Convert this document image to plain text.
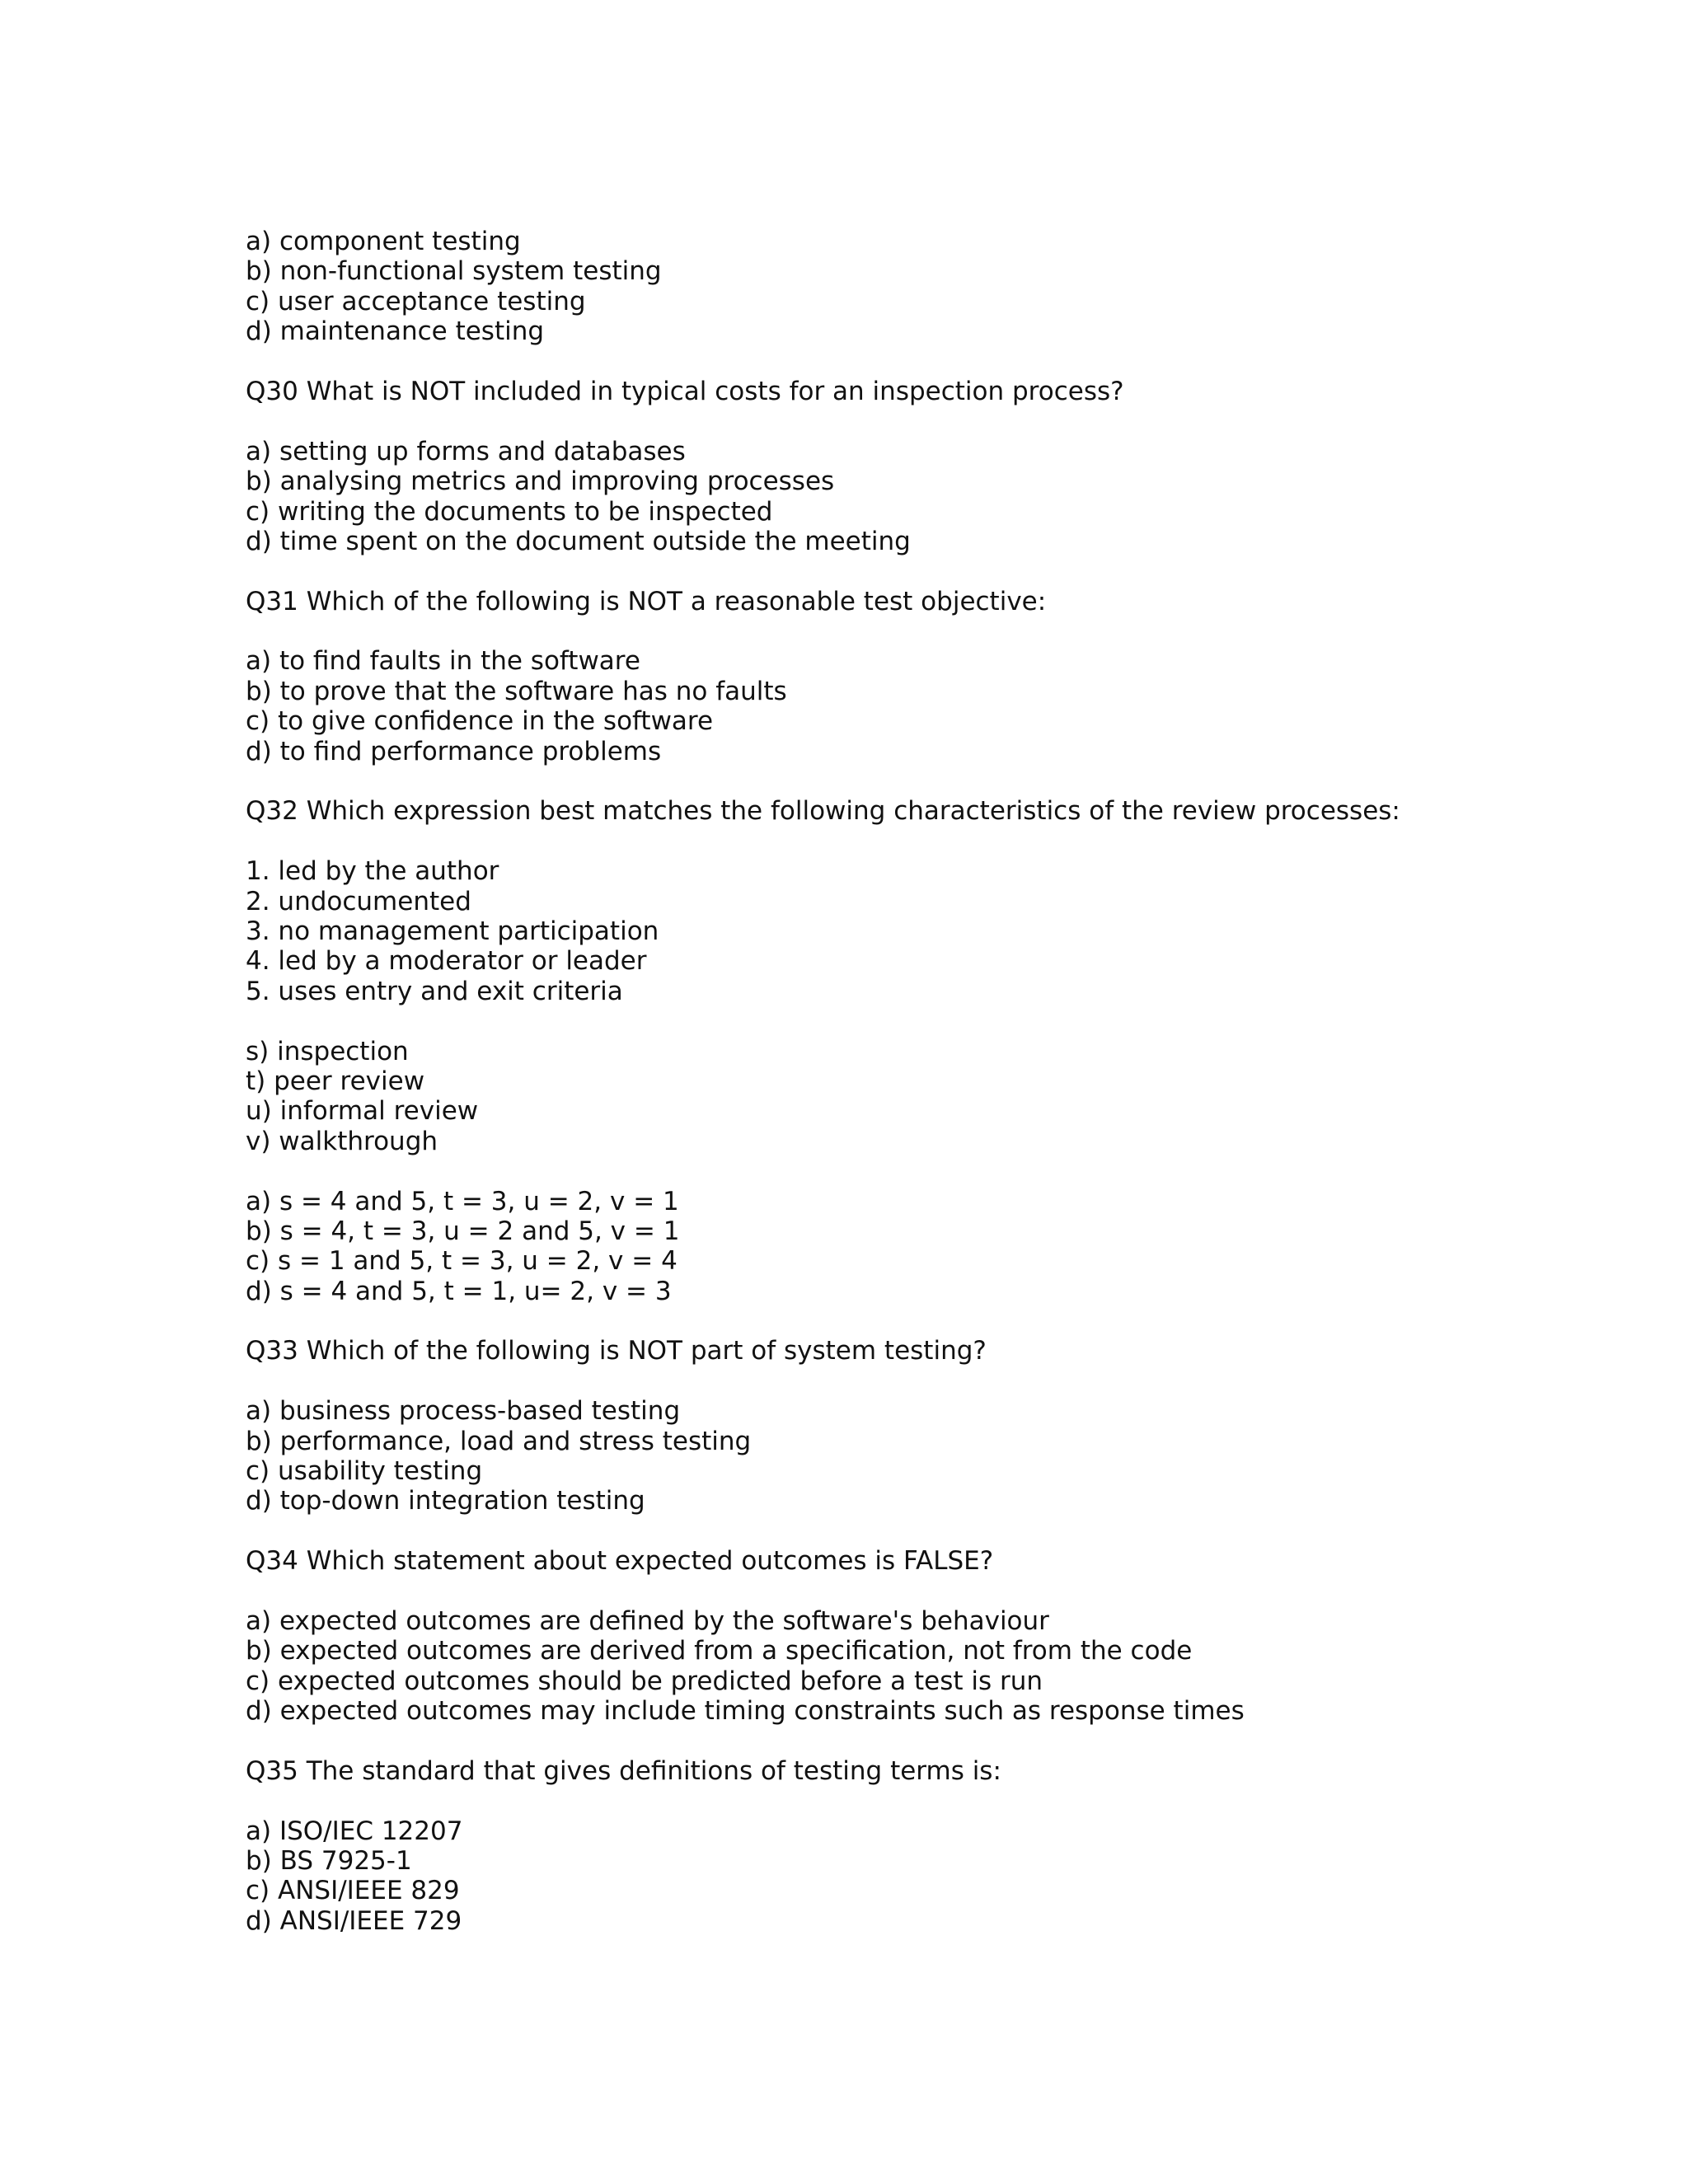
a) component testing
b) non-functional system testing
c) user acceptance testing
d) maintenance testing
Q30 What is NOT included in typical costs for an inspection process?
a) setting up forms and databases
b) analysing metrics and improving processes
c) writing the documents to be inspected
d) time spent on the document outside the meeting
Q31 Which of the following is NOT a reasonable test objective:
a) to find faults in the software
b) to prove that the software has no faults
c) to give confidence in the software
d) to find performance problems
Q32 Which expression best matches the following characteristics of the review processes:
1. led by the author
2. undocumented
3. no management participation
4. led by a moderator or leader
5. uses entry and exit criteria
s) inspection
t) peer review
u) informal review
v) walkthrough
a) s = 4 and 5, t = 3, u = 2, v = 1
b) s = 4, t = 3, u = 2 and 5, v = 1
c) s = 1 and 5, t = 3, u = 2, v = 4
d) s = 4 and 5, t = 1, u= 2, v = 3
Q33 Which of the following is NOT part of system testing?
a) business process-based testing
b) performance, load and stress testing
c) usability testing
d) top-down integration testing
Q34 Which statement about expected outcomes is FALSE?
a) expected outcomes are defined by the software's behaviour
b) expected outcomes are derived from a specification, not from the code
c) expected outcomes should be predicted before a test is run
d) expected outcomes may include timing constraints such as response times
Q35 The standard that gives definitions of testing terms is:
a) ISO/IEC 12207
b) BS 7925-1
c) ANSI/IEEE 829
d) ANSI/IEEE 729
